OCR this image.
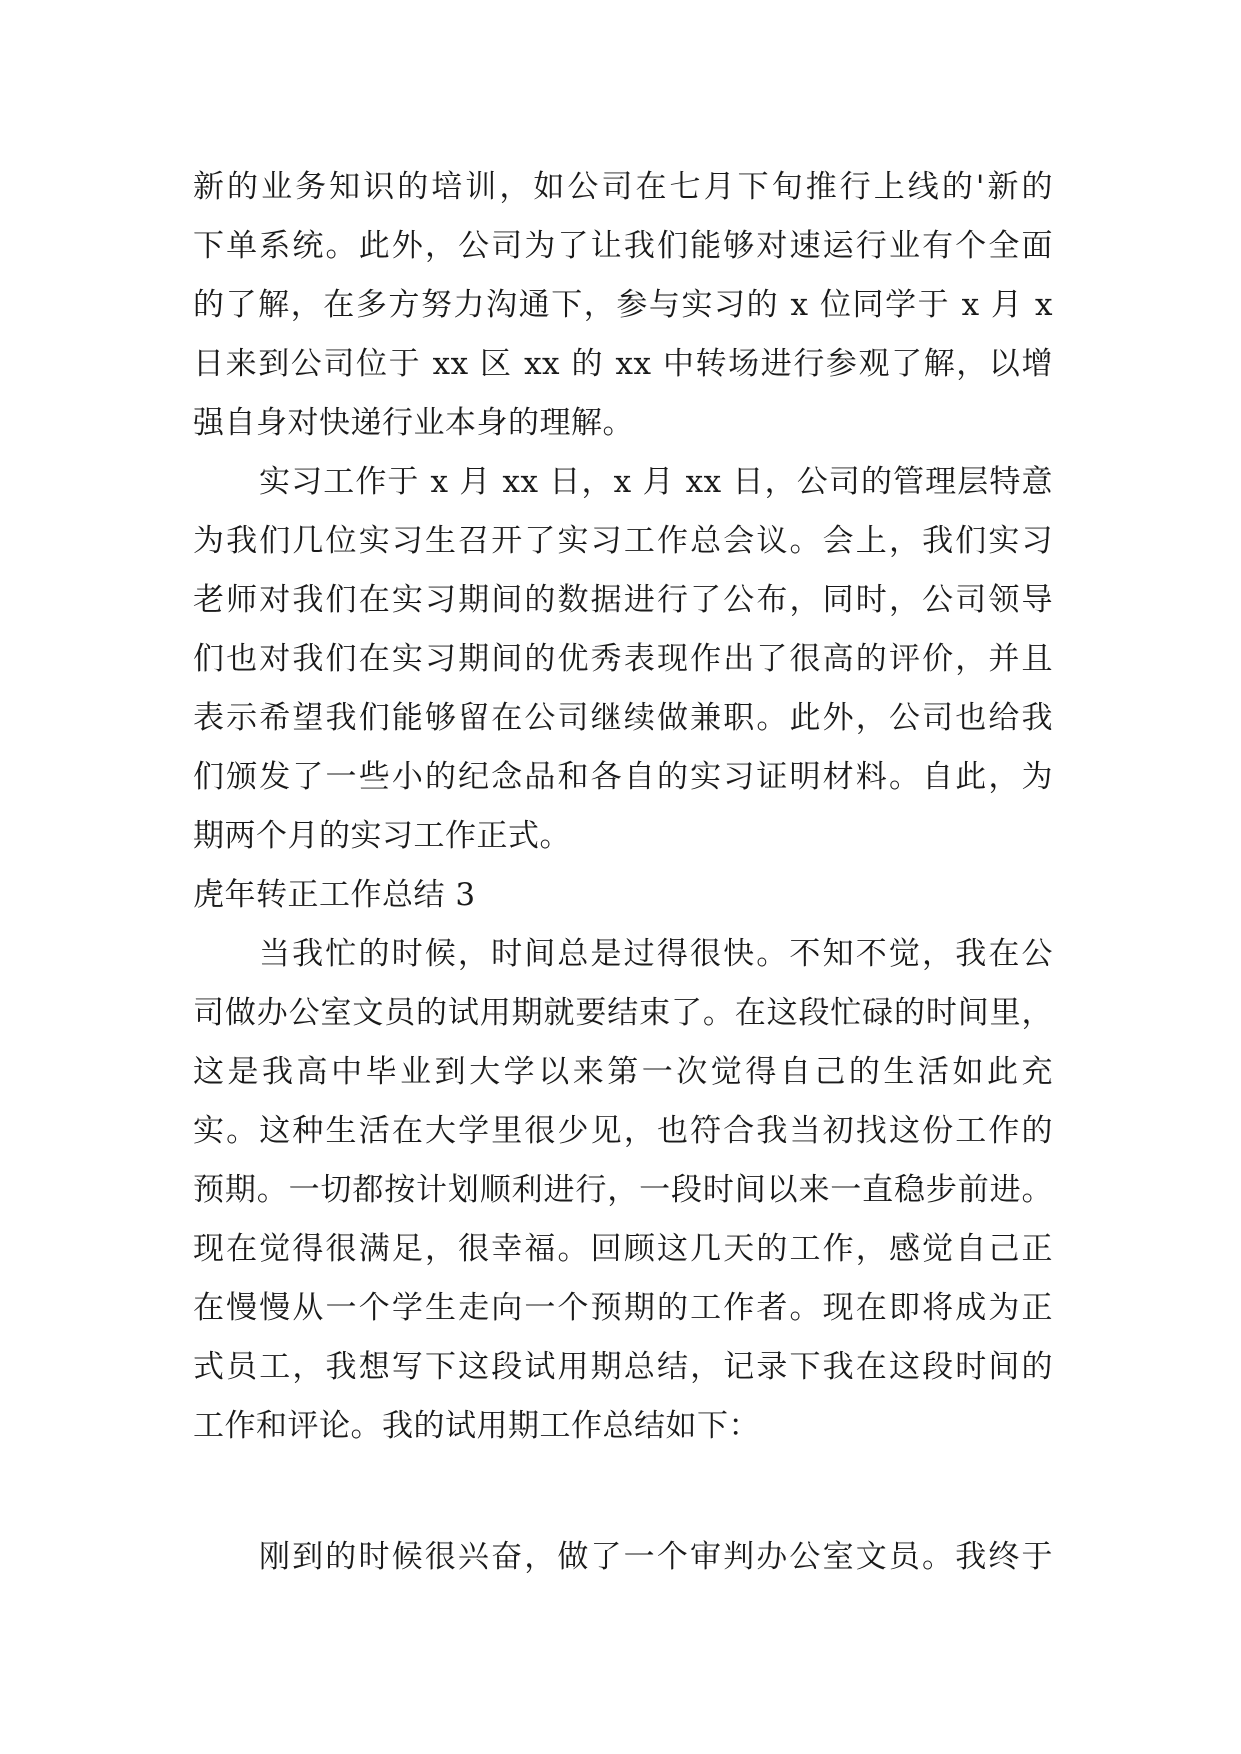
新的业务知识的培训，如公司在七月下旬推行上线的'新的
下单系统。此外，公司为了让我们能够对速运行业有个全面
的了解，在多方努力沟通下，参与实习的 x 位同学于 x 月 x
日来到公司位于 xx 区 xx 的 xx 中转场进行参观了解，以增
强自身对快递行业本身的理解。
实习工作于 x 月 xx 日，x 月 xx 日，公司的管理层特意
为我们几位实习生召开了实习工作总会议。会上，我们实习
老师对我们在实习期间的数据进行了公布，同时，公司领导
们也对我们在实习期间的优秀表现作出了很高的评价，并且
表示希望我们能够留在公司继续做兼职。此外，公司也给我
们颁发了一些小的纪念品和各自的实习证明材料。自此，为
期两个月的实习工作正式。
虎年转正工作总结 3
当我忙的时候，时间总是过得很快。不知不觉，我在公
司做办公室文员的试用期就要结束了。在这段忙碌的时间里，
这是我高中毕业到大学以来第一次觉得自己的生活如此充
实。这种生活在大学里很少见，也符合我当初找这份工作的
预期。一切都按计划顺利进行，一段时间以来一直稳步前进。
现在觉得很满足，很幸福。回顾这几天的工作，感觉自己正
在慢慢从一个学生走向一个预期的工作者。现在即将成为正
式员工，我想写下这段试用期总结，记录下我在这段时间的
工作和评论。我的试用期工作总结如下：
刚到的时候很兴奋，做了一个审判办公室文员。我终于
